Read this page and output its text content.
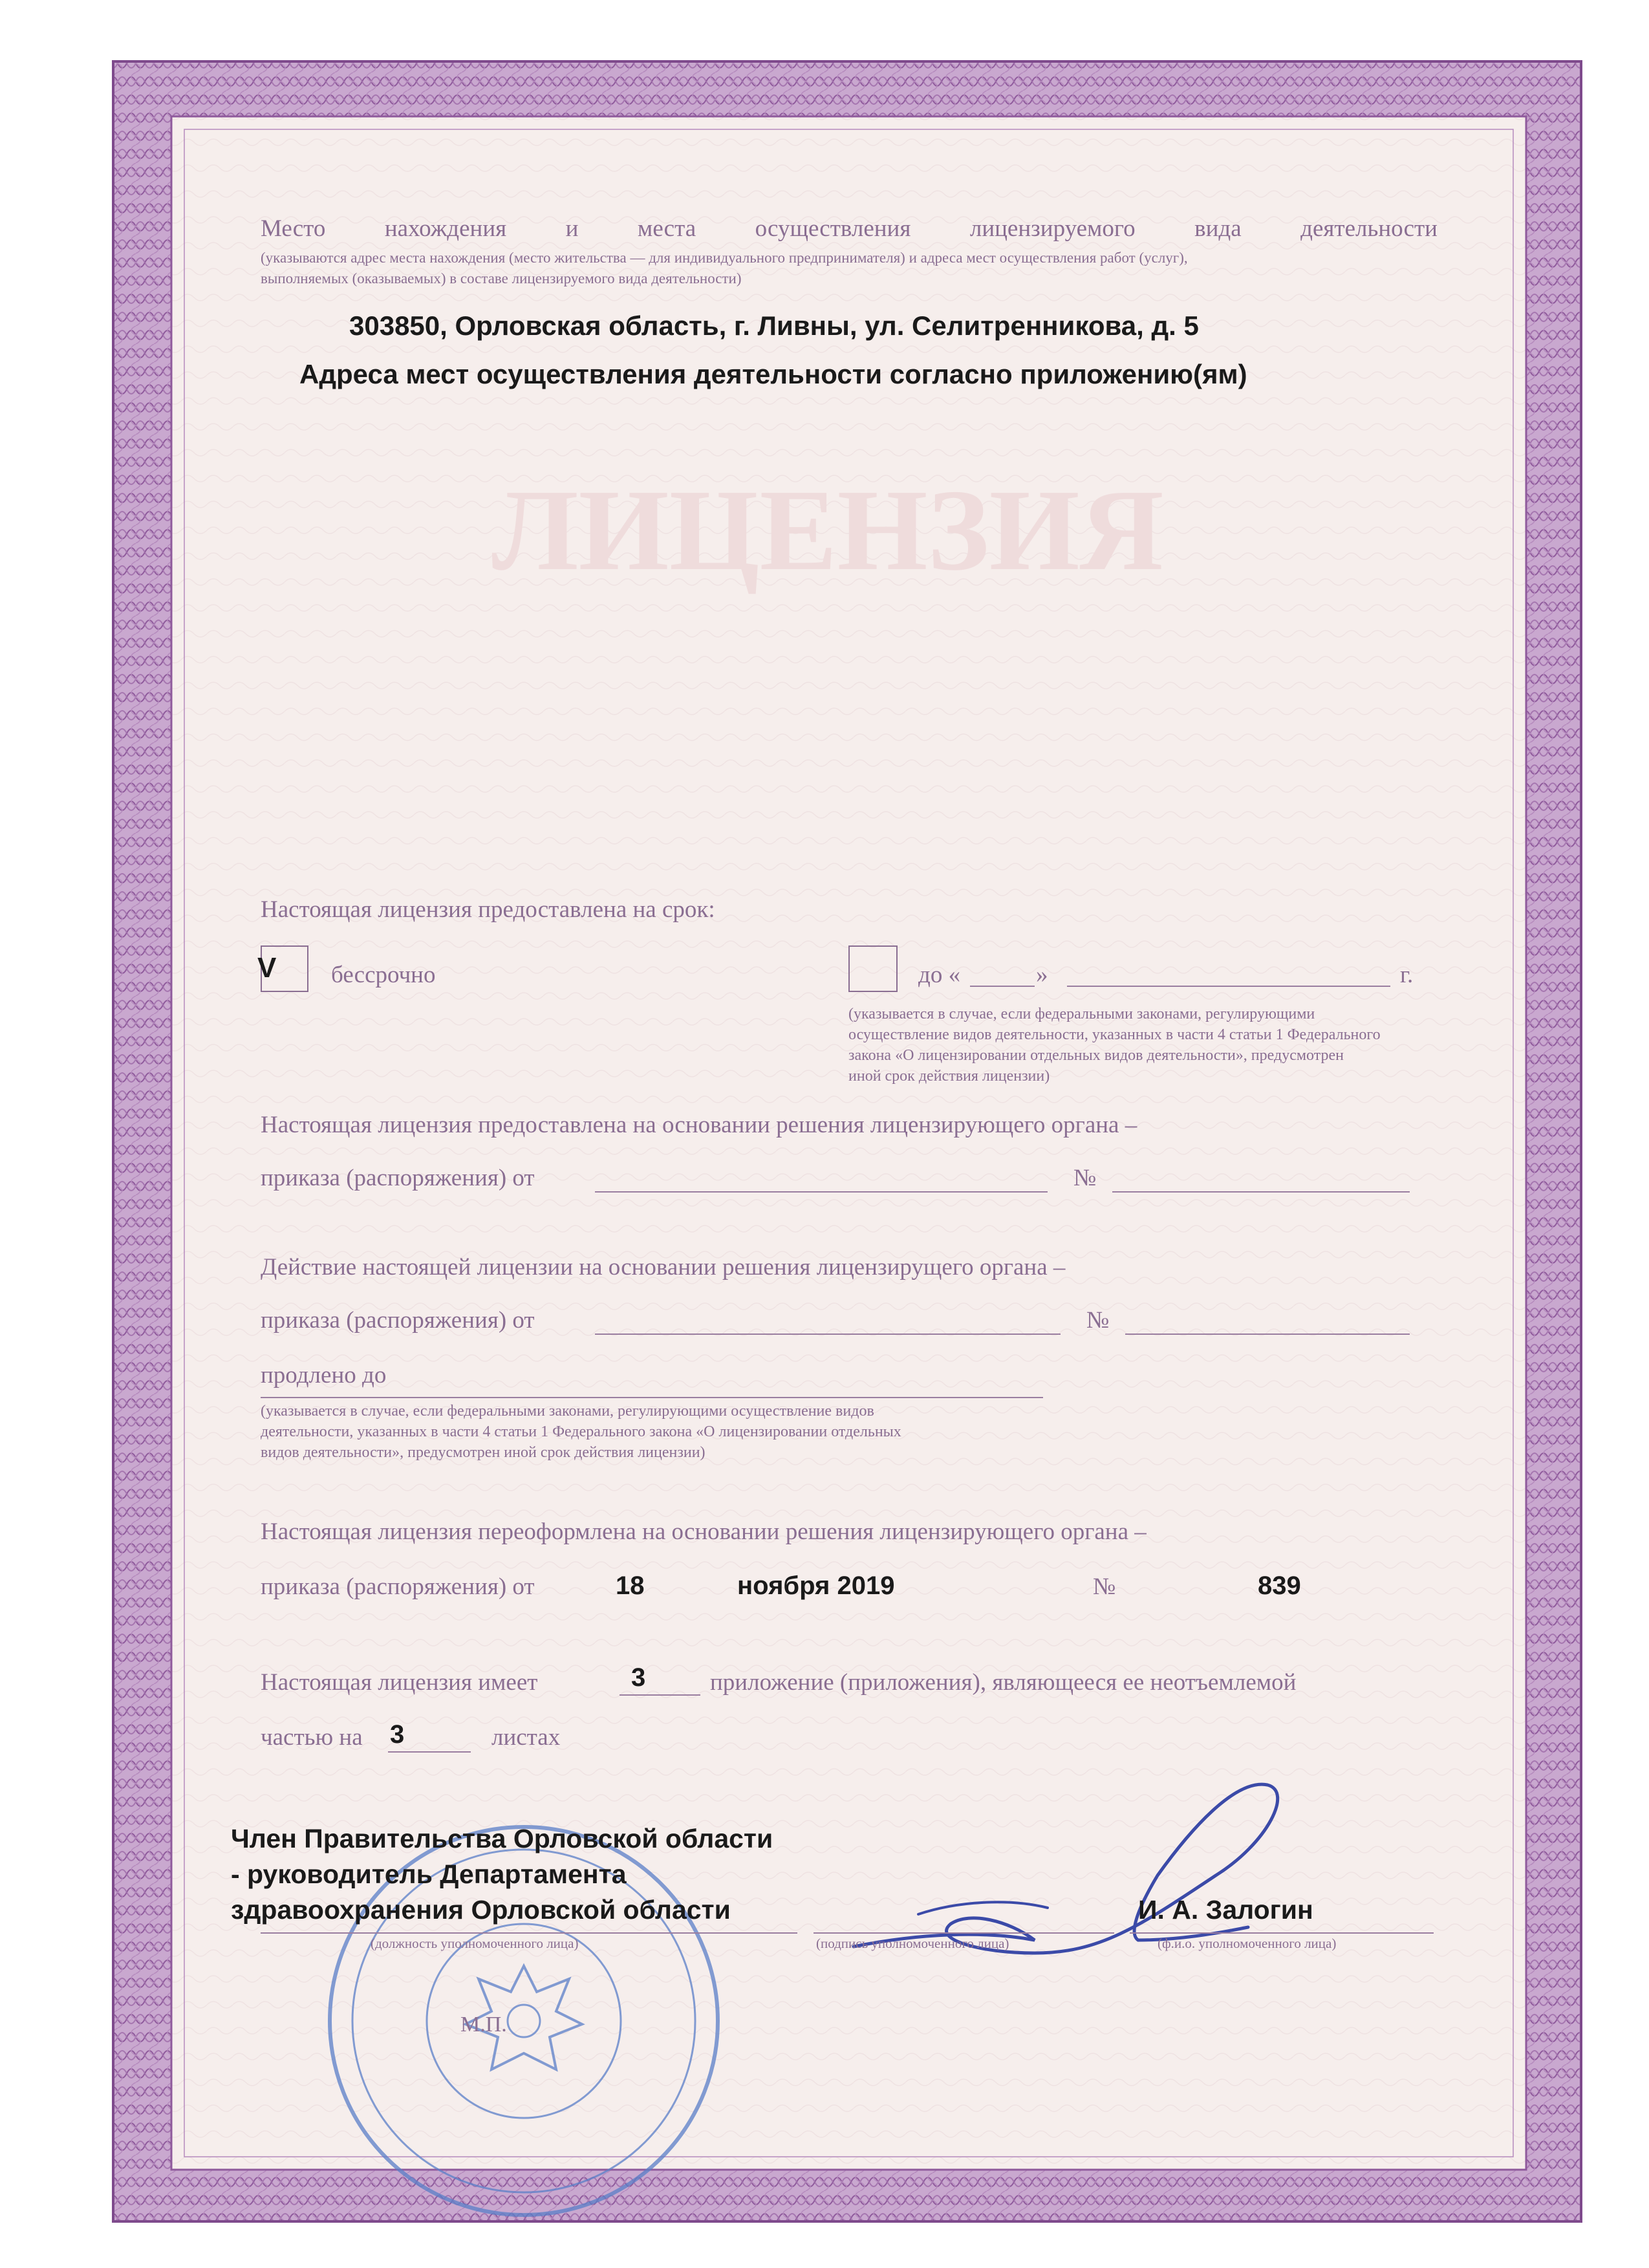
ЛИЦЕНЗИЯ
Место нахождения и места осуществления лицензируемого вида деятельности
(указываются адрес места нахождения (место жительства — для индивидуального предпринимателя) и адреса мест осуществления работ (услуг),
выполняемых (оказываемых) в составе лицензируемого вида деятельности)
303850, Орловская область, г. Ливны, ул. Селитренникова, д. 5
Адреса мест осуществления деятельности согласно приложению(ям)
Настоящая лицензия предоставлена на срок:
V бессрочно	до «	»	г.
(указывается в случае, если федеральными законами, регулирующими
осуществление видов деятельности, указанных в части 4 статьи 1 Федерального
закона «О лицензировании отдельных видов деятельности», предусмотрен
иной срок действия лицензии)
Настоящая лицензия предоставлена на основании решения лицензирующего органа –
приказа (распоряжения) от	№
Действие настоящей лицензии на основании решения лицензирущего органа –
приказа (распоряжения) от	№
продлено до
(указывается в случае, если федеральными законами, регулирующими осуществление видов
деятельности, указанных в части 4 статьи 1 Федерального закона «О лицензировании отдельных
видов деятельности», предусмотрен иной срок действия лицензии)
Настоящая лицензия переоформлена на основании решения лицензирующего органа –
приказа (распоряжения) от	18	ноября 2019	№	839
Настоящая лицензия имеет	3	приложение (приложения), являющееся ее неотъемлемой
частью на 3	листах
Член Правительства Орловской области
- руководитель Департамента
здравоохранения Орловской области
(должность уполномоченного лица)	(подпись уполномоченного лица)
И. А. Залогин
(ф.и.о. уполномоченного лица)
М.П.
